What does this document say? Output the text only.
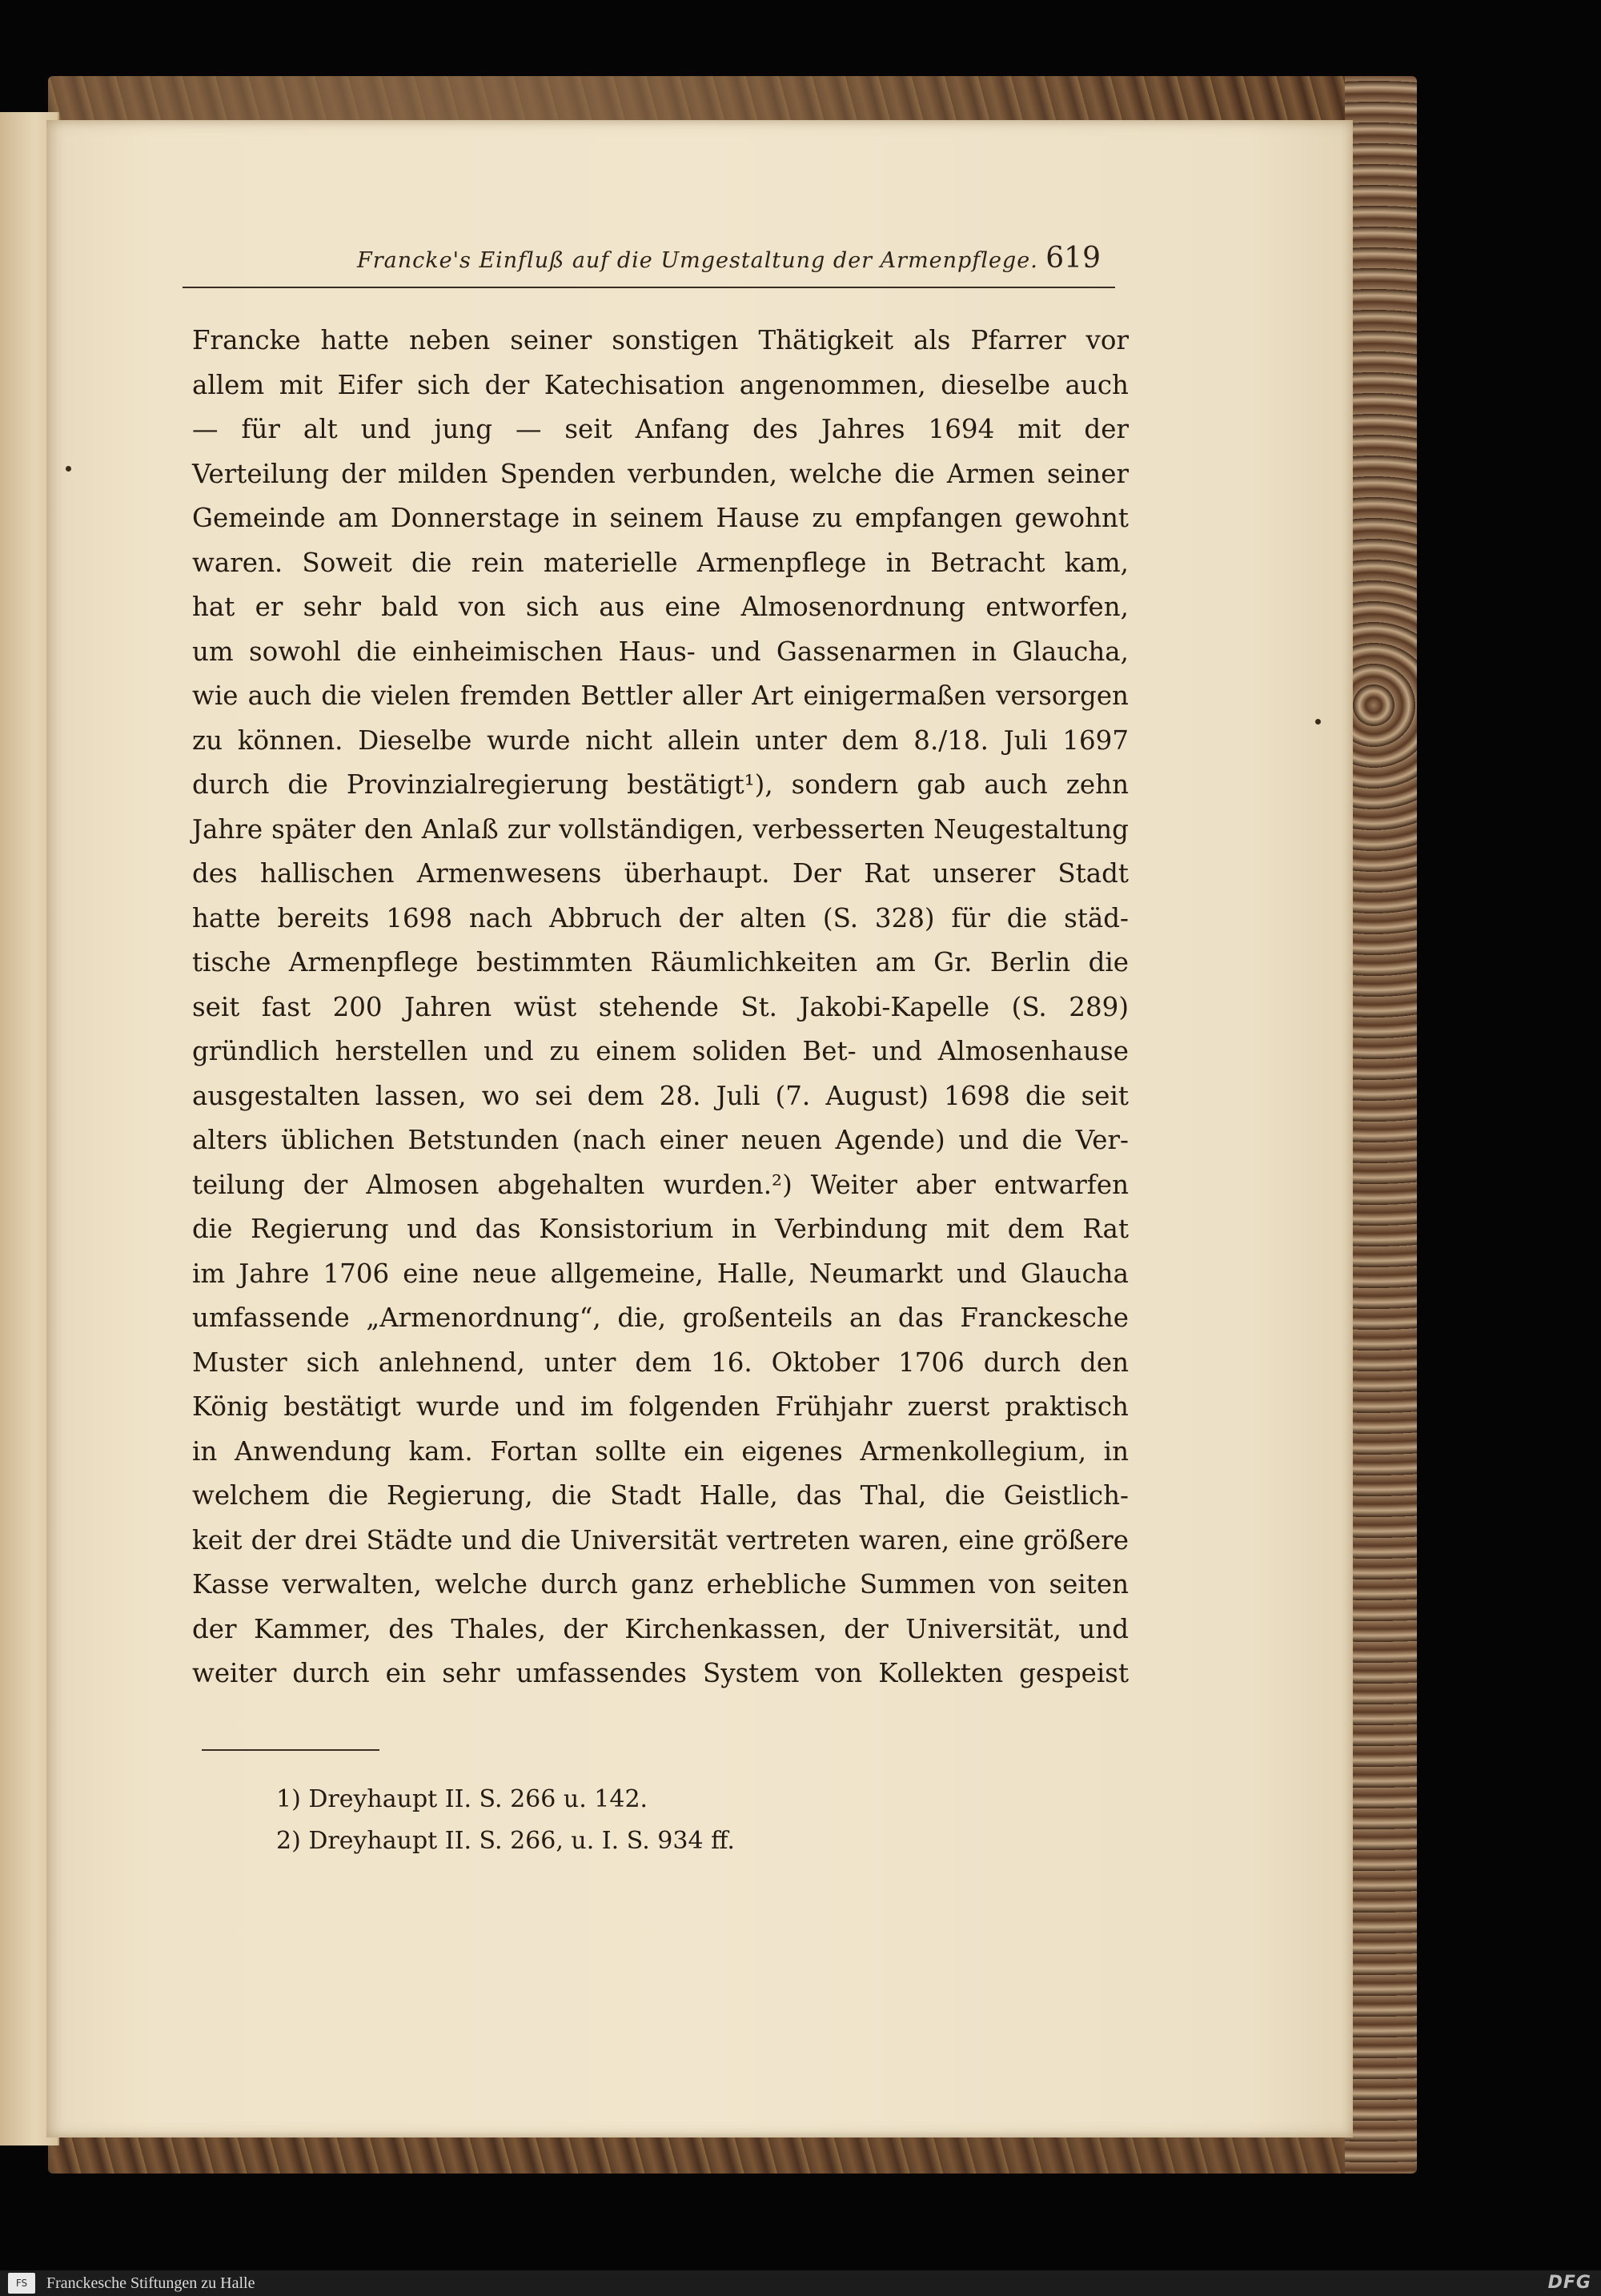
Francke's Einfluß auf die Umgestaltung der Armenpflege. 619
Francke hatte neben seiner sonstigen Thätigkeit als Pfarrer vor
allem mit Eifer sich der Katechisation angenommen, dieselbe auch
— für alt und jung — seit Anfang des Jahres 1694 mit der
Verteilung der milden Spenden verbunden, welche die Armen seiner
Gemeinde am Donnerstage in seinem Hause zu empfangen gewohnt
waren. Soweit die rein materielle Armenpflege in Betracht kam,
hat er sehr bald von sich aus eine Almosenordnung entworfen,
um sowohl die einheimischen Haus- und Gassenarmen in Glaucha,
wie auch die vielen fremden Bettler aller Art einigermaßen versorgen
zu können. Dieselbe wurde nicht allein unter dem 8./18. Juli 1697
durch die Provinzialregierung bestätigt¹), sondern gab auch zehn
Jahre später den Anlaß zur vollständigen, verbesserten Neugestaltung
des hallischen Armenwesens überhaupt. Der Rat unserer Stadt
hatte bereits 1698 nach Abbruch der alten (S. 328) für die städ-
tische Armenpflege bestimmten Räumlichkeiten am Gr. Berlin die
seit fast 200 Jahren wüst stehende St. Jakobi-Kapelle (S. 289)
gründlich herstellen und zu einem soliden Bet- und Almosenhause
ausgestalten lassen, wo sei dem 28. Juli (7. August) 1698 die seit
alters üblichen Betstunden (nach einer neuen Agende) und die Ver-
teilung der Almosen abgehalten wurden.²) Weiter aber entwarfen
die Regierung und das Konsistorium in Verbindung mit dem Rat
im Jahre 1706 eine neue allgemeine, Halle, Neumarkt und Glaucha
umfassende „Armenordnung“, die, großenteils an das Franckesche
Muster sich anlehnend, unter dem 16. Oktober 1706 durch den
König bestätigt wurde und im folgenden Frühjahr zuerst praktisch
in Anwendung kam. Fortan sollte ein eigenes Armenkollegium, in
welchem die Regierung, die Stadt Halle, das Thal, die Geistlich-
keit der drei Städte und die Universität vertreten waren, eine größere
Kasse verwalten, welche durch ganz erhebliche Summen von seiten
der Kammer, des Thales, der Kirchenkassen, der Universität, und
weiter durch ein sehr umfassendes System von Kollekten gespeist
1) Dreyhaupt II. S. 266 u. 142.
2) Dreyhaupt II. S. 266, u. I. S. 934 ff.
FS	Franckesche Stiftungen zu Halle	DFG
